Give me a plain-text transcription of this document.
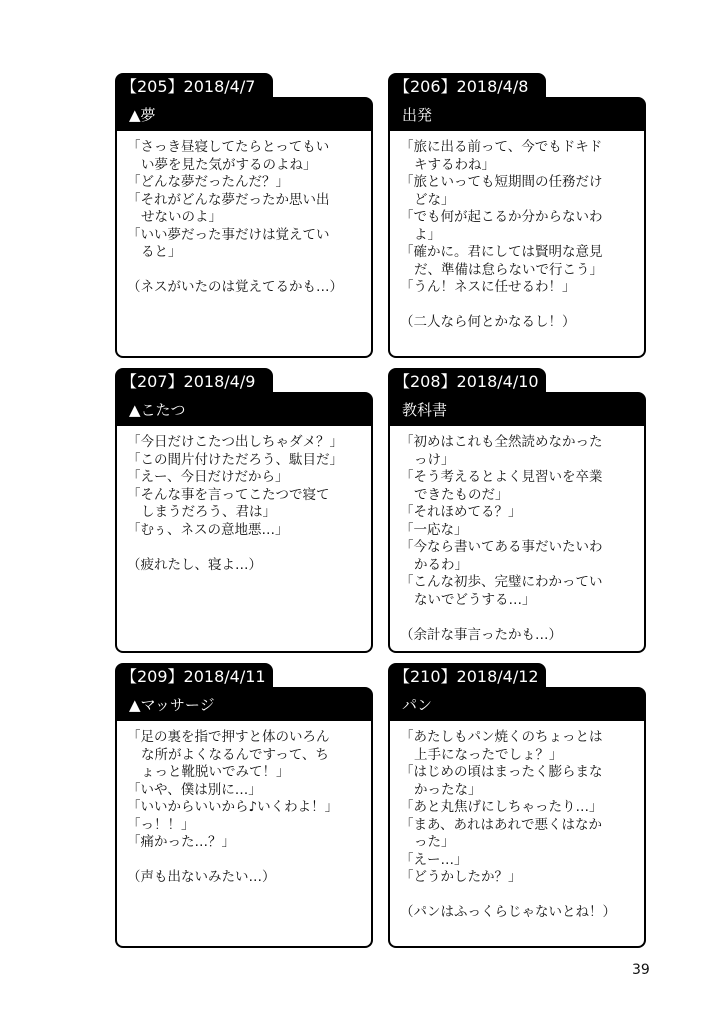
【205】2018/4/7
▲夢
「さっき昼寝してたらとってもい
い夢を見た気がするのよね」
「どんな夢だったんだ？」
「それがどんな夢だったか思い出
せないのよ」
「いい夢だった事だけは覚えてい
ると」
（ネスがいたのは覚えてるかも…）
【206】2018/4/8
出発
「旅に出る前って、今でもドキド
キするわね」
「旅といっても短期間の任務だけ
どな」
「でも何が起こるか分からないわ
よ」
「確かに。君にしては賢明な意見
だ、準備は怠らないで行こう」
「うん！ネスに任せるわ！」
（二人なら何とかなるし！）
【207】2018/4/9
▲こたつ
「今日だけこたつ出しちゃダメ？」
「この間片付けただろう、駄目だ」
「えー、今日だけだから」
「そんな事を言ってこたつで寝て
しまうだろう、君は」
「むぅ、ネスの意地悪…」
（疲れたし、寝よ…）
【208】2018/4/10
教科書
「初めはこれも全然読めなかった
っけ」
「そう考えるとよく見習いを卒業
できたものだ」
「それほめてる？」
「一応な」
「今なら書いてある事だいたいわ
かるわ」
「こんな初歩、完璧にわかってい
ないでどうする…」
（余計な事言ったかも…）
【209】2018/4/11
▲マッサージ
「足の裏を指で押すと体のいろん
な所がよくなるんですって、ち
ょっと靴脱いでみて！」
「いや、僕は別に…」
「いいからいいから♪いくわよ！」
「っ！！」
「痛かった…？」
（声も出ないみたい…）
【210】2018/4/12
パン
「あたしもパン焼くのちょっとは
上手になったでしょ？」
「はじめの頃はまったく膨らまな
かったな」
「あと丸焦げにしちゃったり…」
「まあ、あれはあれで悪くはなか
った」
「えー…」
「どうかしたか？」
（パンはふっくらじゃないとね！）
39
